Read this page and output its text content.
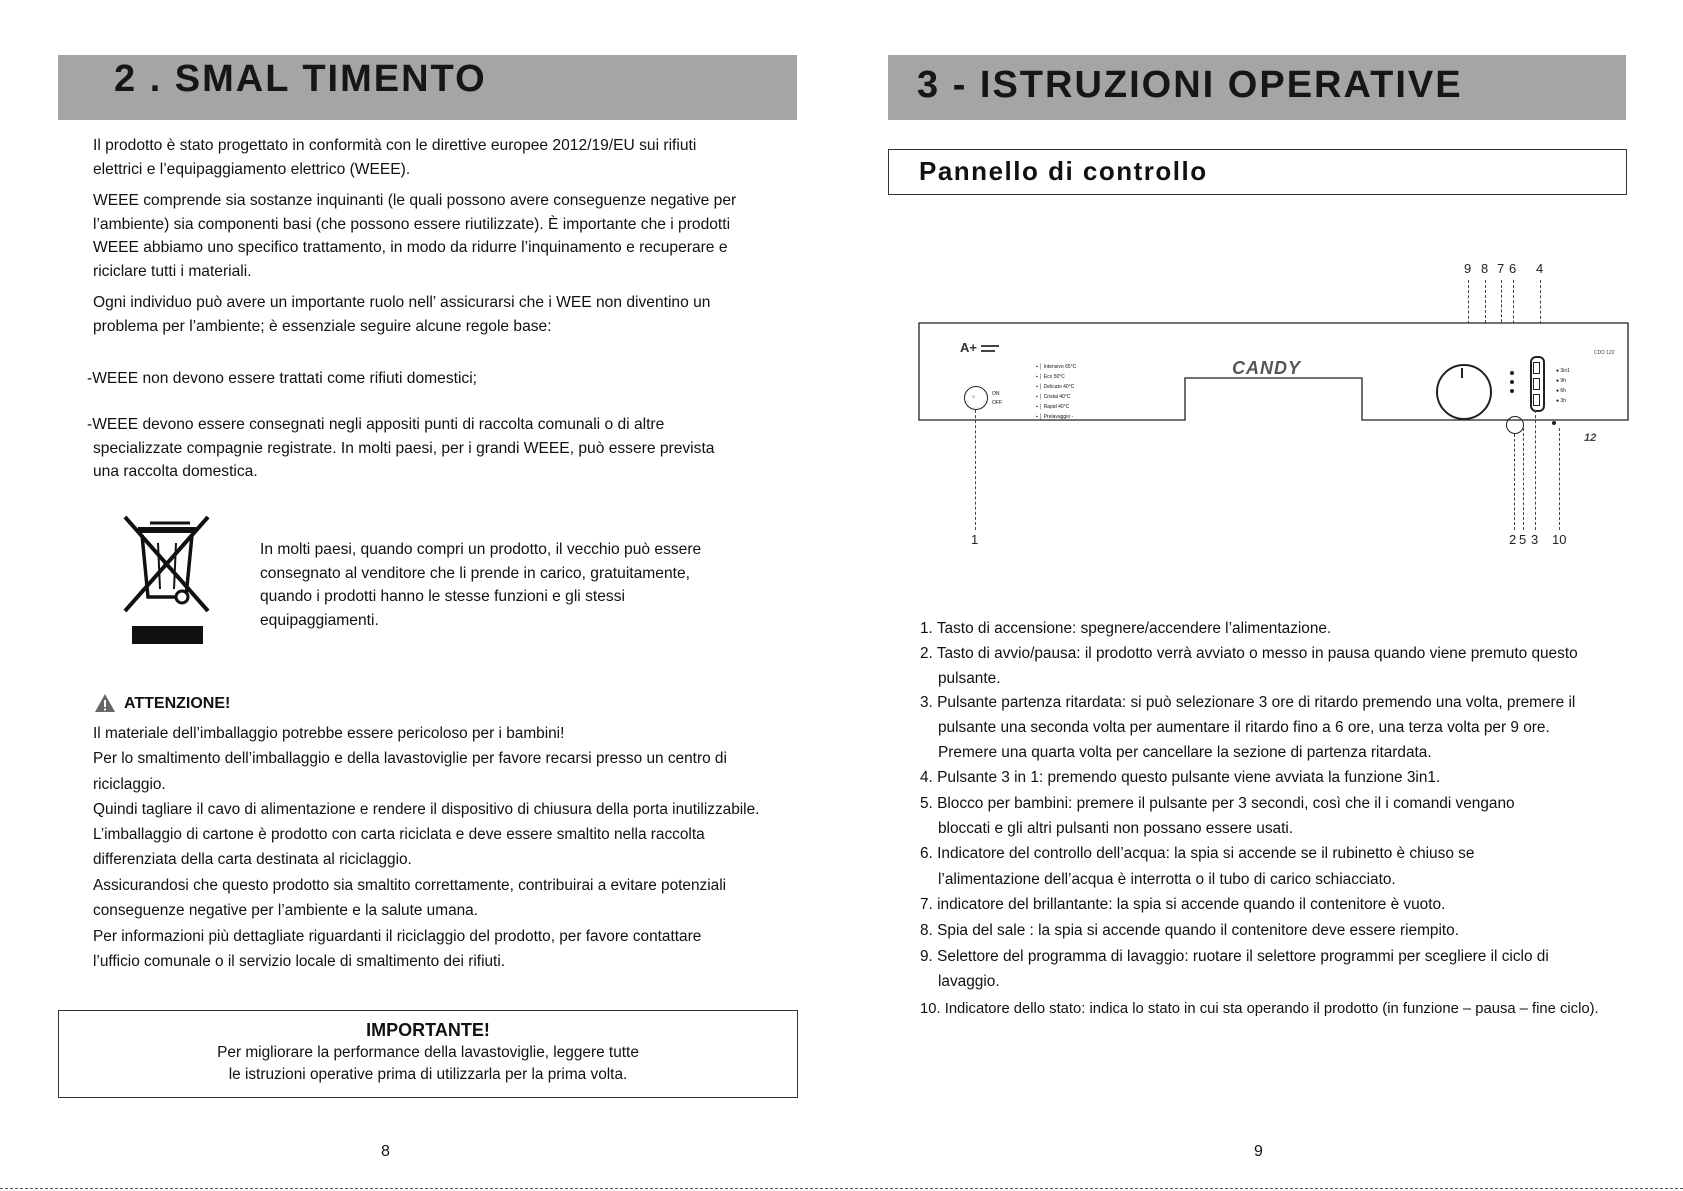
2 . SMAL TIMENTO
Il prodotto è stato progettato in conformità con le direttive europee 2012/19/EU sui rifiuti
elettrici e l’equipaggiamento elettrico (WEEE).
WEEE comprende sia sostanze inquinanti (le quali possono avere conseguenze negative per
l’ambiente) sia componenti basi (che possono essere riutilizzate). È importante che i prodotti
WEEE abbiamo uno specifico trattamento, in modo da ridurre l’inquinamento e recuperare e
riciclare tutti i materiali.
Ogni individuo può avere un importante ruolo nell’ assicurarsi che i WEE non diventino un
problema per l’ambiente; è essenziale seguire alcune regole base:
-WEEE non devono essere trattati come rifiuti domestici;
-WEEE devono essere consegnati negli appositi punti di raccolta comunali o di altre
specializzate compagnie registrate. In molti paesi, per i grandi WEEE, può essere prevista
una raccolta domestica.
In molti paesi, quando compri un prodotto, il vecchio può essere
consegnato al venditore che li prende in carico, gratuitamente,
quando i prodotti hanno le stesse funzioni e gli stessi
equipaggiamenti.
ATTENZIONE!
Il materiale dell’imballaggio potrebbe essere pericoloso per i bambini!
Per lo smaltimento dell’imballaggio e della lavastoviglie per favore recarsi presso un centro di
riciclaggio.
Quindi tagliare il cavo di alimentazione e rendere il dispositivo di chiusura della porta inutilizzabile.
L’imballaggio di cartone è prodotto con carta riciclata e deve essere smaltito nella raccolta
differenziata della carta destinata al riciclaggio.
Assicurandosi che questo prodotto sia smaltito correttamente, contribuirai a evitare potenziali
conseguenze negative per l’ambiente e la salute umana.
Per informazioni più dettagliate riguardanti il riciclaggio del prodotto, per favore contattare
l’ufficio comunale o il servizio locale di smaltimento dei rifiuti.
IMPORTANTE!
Per migliorare la performance della lavastoviglie, leggere tutte
le istruzioni operative prima di utilizzarla per la prima volta.
8
3 - ISTRUZIONI OPERATIVE
Pannello di controllo
9 8 7 6 4
A+
◦	ON
OFF
▪ │ Intensivo 65°C
▪ │ Eco 50°C
▪ │ Delicato 40°C
▪ │ Cristal 40°C
▪ │ Rapid 40°C
▪ │ Prelavaggio -
CANDY	● 3in1
● 9h
● 6h
● 3h
CDD 122
12
1	2 5 3 10
1. Tasto di accensione: spegnere/accendere l’alimentazione.
2. Tasto di avvio/pausa: il prodotto verrà avviato o messo in pausa quando viene premuto questo
pulsante.
3. Pulsante partenza ritardata: si può selezionare 3 ore di ritardo premendo una volta, premere il
pulsante una seconda volta per aumentare il ritardo fino a 6 ore, una terza volta per 9 ore.
Premere una quarta volta per cancellare la sezione di partenza ritardata.
4. Pulsante 3 in 1: premendo questo pulsante viene avviata la funzione 3in1.
5. Blocco per bambini: premere il pulsante per 3 secondi, così che il i comandi vengano
bloccati e gli altri pulsanti non possano essere usati.
6. Indicatore del controllo dell’acqua: la spia si accende se il rubinetto è chiuso se
l’alimentazione dell’acqua è interrotta o il tubo di carico schiacciato.
7. indicatore del brillantante: la spia si accende quando il contenitore è vuoto.
8. Spia del sale : la spia si accende quando il contenitore deve essere riempito.
9. Selettore del programma di lavaggio: ruotare il selettore programmi per scegliere il ciclo di
lavaggio.
10. Indicatore dello stato: indica lo stato in cui sta operando il prodotto (in funzione – pausa – fine ciclo).
9
